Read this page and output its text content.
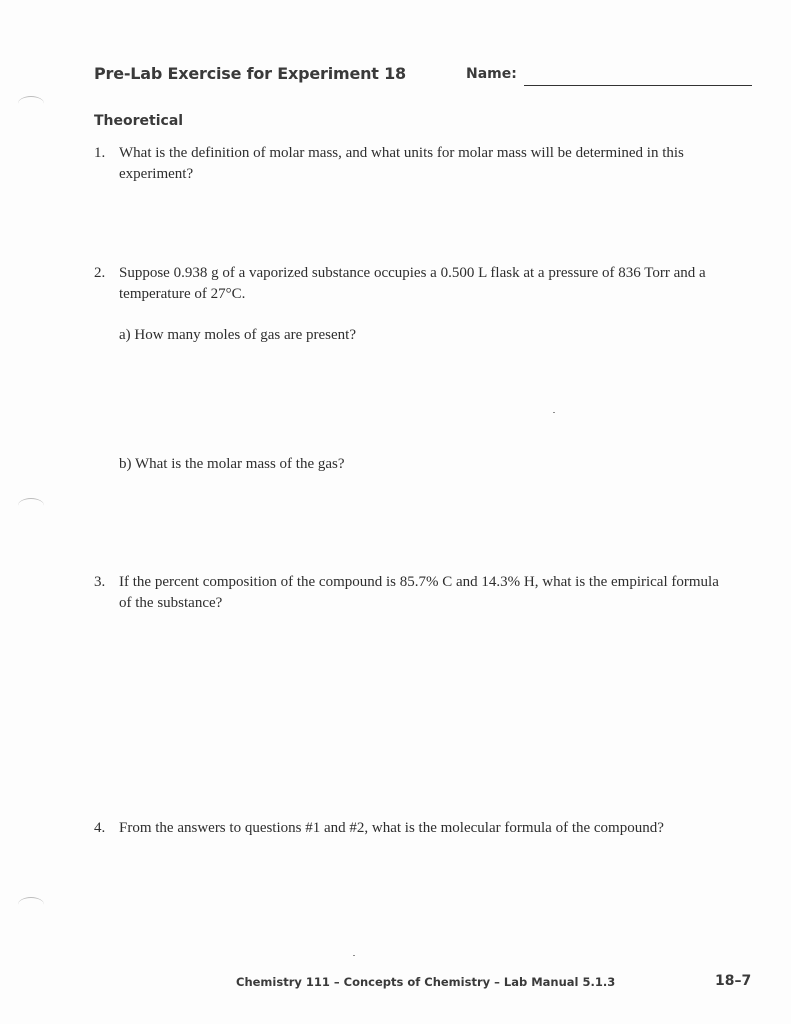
Pre-Lab Exercise for Experiment 18	Name:
Theoretical
1. What is the definition of molar mass, and what units for molar mass will be determined in this experiment?
2. Suppose 0.938 g of a vaporized substance occupies a 0.500 L flask at a pressure of 836 Torr and a temperature of 27°C.
a) How many moles of gas are present?
b) What is the molar mass of the gas?
3. If the percent composition of the compound is 85.7% C and 14.3% H, what is the empirical formula of the substance?
4. From the answers to questions #1 and #2, what is the molecular formula of the compound?
Chemistry 111 – Concepts of Chemistry – Lab Manual 5.1.3	18–7
